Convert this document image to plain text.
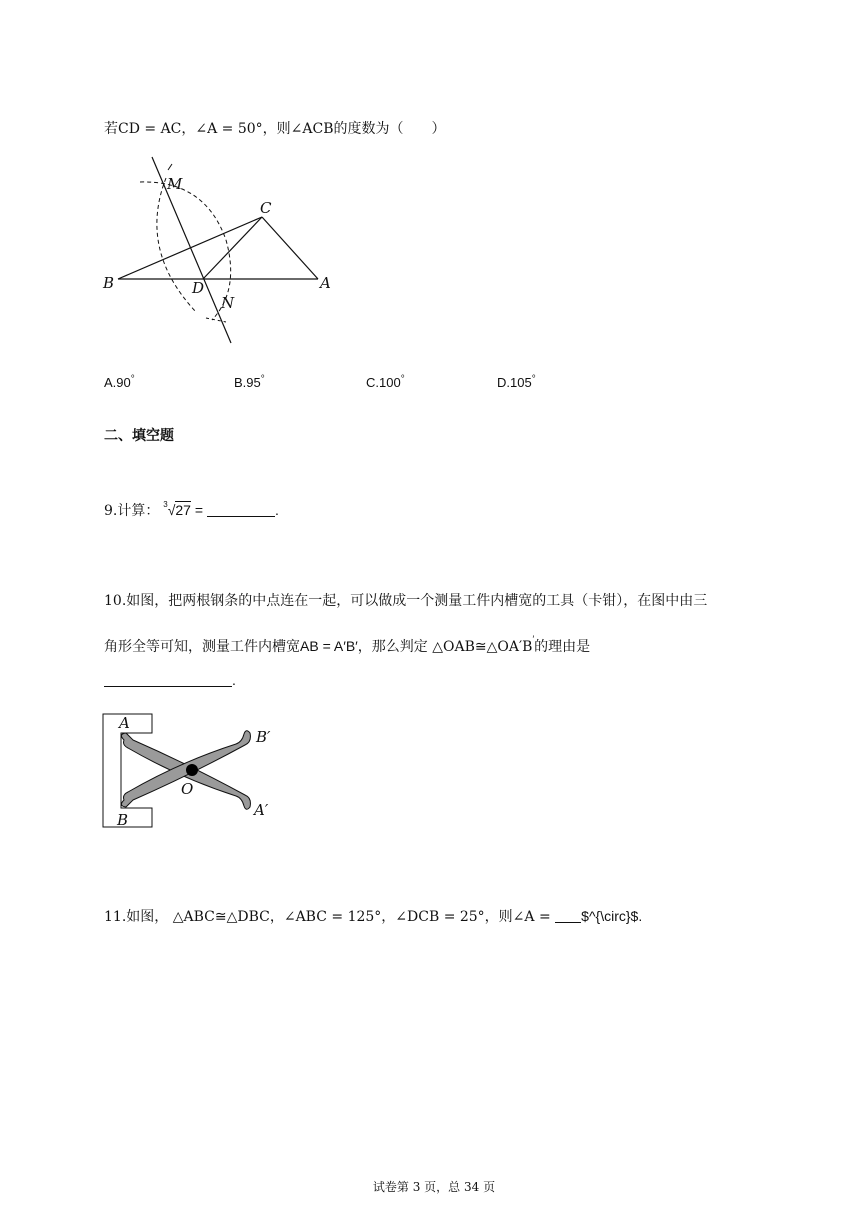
若CD = AC，∠A = 50°，则∠ACB的度数为（　　）
M
C
B	D
N
A
A.90°	B.95°	C.100°	D.105°
二、填空题
9.计算： $^3$√27 =	.
10.如图，把两根钢条的中点连在一起，可以做成一个测量工件内槽宽的工具（卡钳），在图中由三
角形全等可知，测量工件内槽宽AB = A′B′，那么判定 △OAB≅△OA′B′的理由是
.
A
B′
O
B
A′
11.如图， △ABC≅△DBC，∠ABC = 125°，∠DCB = 25°，则∠A = $^{\circ}$.
试卷第 3 页，总 34 页
